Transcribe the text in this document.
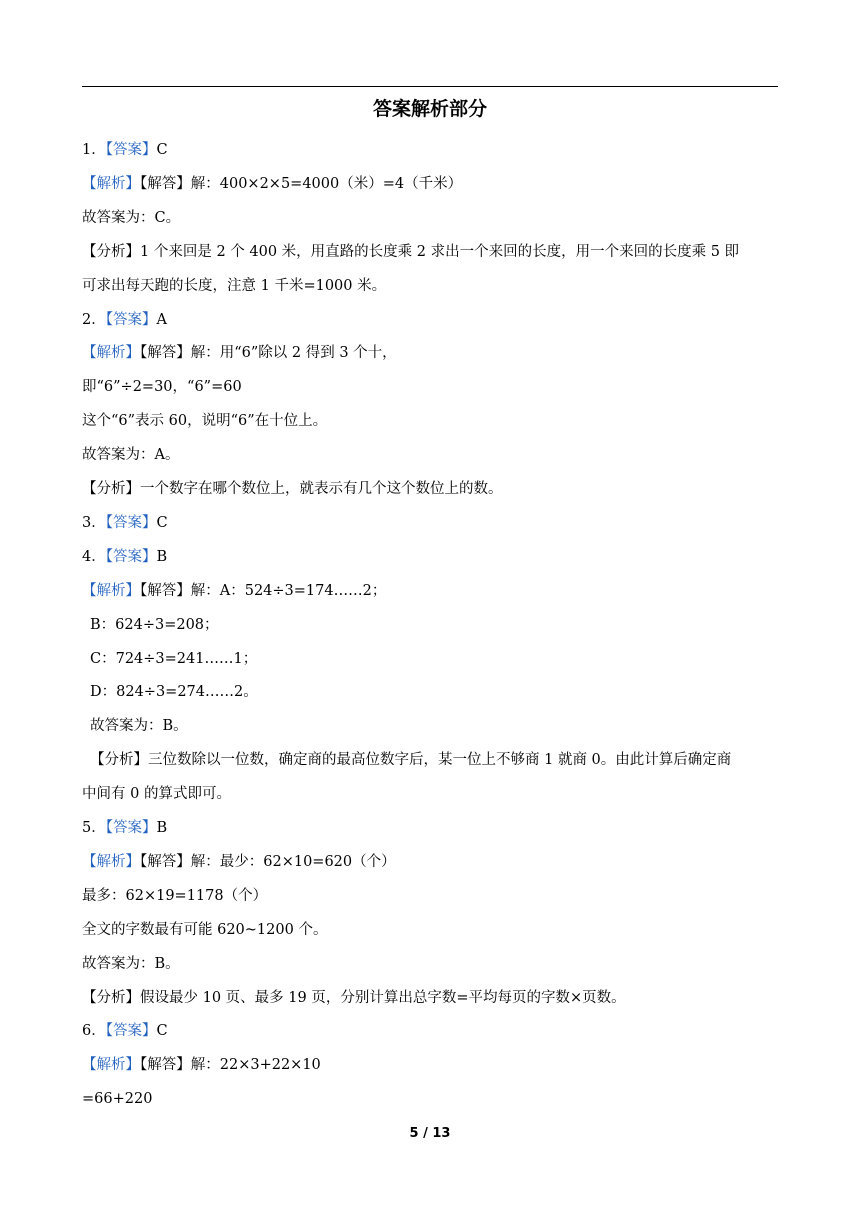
答案解析部分
1．【答案】C
【解析】【解答】解：400×2×5=4000（米）=4（千米）
故答案为：C。
【分析】1 个来回是 2 个 400 米，用直路的长度乘 2 求出一个来回的长度，用一个来回的长度乘 5 即
可求出每天跑的长度，注意 1 千米=1000 米。
2．【答案】A
【解析】【解答】解：用“6”除以 2 得到 3 个十，
即“6”÷2=30，“6”=60
这个“6”表示 60，说明“6”在十位上。
故答案为：A。
【分析】一个数字在哪个数位上，就表示有几个这个数位上的数。
3．【答案】C
4．【答案】B
【解析】【解答】解：A：524÷3=174……2；
B：624÷3=208；
C：724÷3=241……1；
D：824÷3=274……2。
故答案为：B。
【分析】三位数除以一位数，确定商的最高位数字后，某一位上不够商 1 就商 0。由此计算后确定商
中间有 0 的算式即可。
5．【答案】B
【解析】【解答】解：最少：62×10=620（个）
最多：62×19=1178（个）
全文的字数最有可能 620~1200 个。
故答案为：B。
【分析】假设最少 10 页、最多 19 页，分别计算出总字数=平均每页的字数×页数。
6．【答案】C
【解析】【解答】解：22×3+22×10
=66+220
5 / 13
